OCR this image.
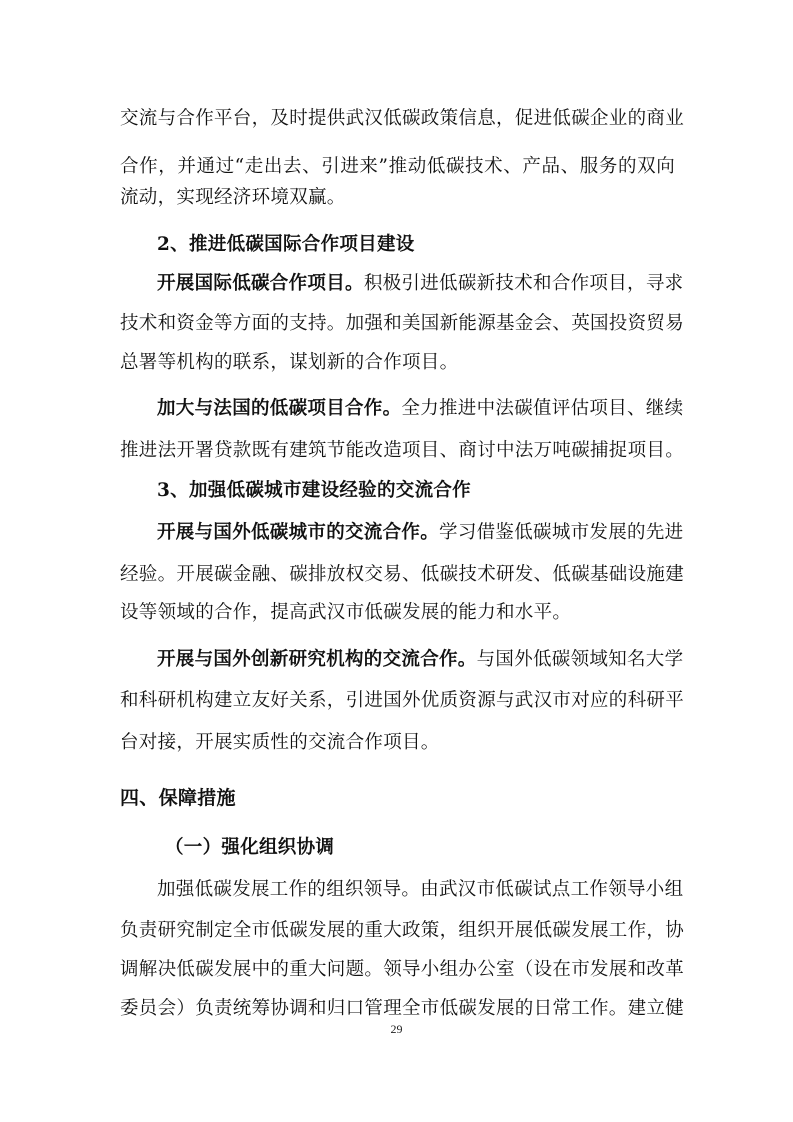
交流与合作平台，及时提供武汉低碳政策信息，促进低碳企业的商业
合作，并通过“走出去、引进来”推动低碳技术、产品、服务的双向
流动，实现经济环境双赢。
2、推进低碳国际合作项目建设
开展国际低碳合作项目。积极引进低碳新技术和合作项目，寻求
技术和资金等方面的支持。加强和美国新能源基金会、英国投资贸易
总署等机构的联系，谋划新的合作项目。
加大与法国的低碳项目合作。全力推进中法碳值评估项目、继续
推进法开署贷款既有建筑节能改造项目、商讨中法万吨碳捕捉项目。
3、加强低碳城市建设经验的交流合作
开展与国外低碳城市的交流合作。学习借鉴低碳城市发展的先进
经验。开展碳金融、碳排放权交易、低碳技术研发、低碳基础设施建
设等领域的合作，提高武汉市低碳发展的能力和水平。
开展与国外创新研究机构的交流合作。与国外低碳领域知名大学
和科研机构建立友好关系，引进国外优质资源与武汉市对应的科研平
台对接，开展实质性的交流合作项目。
四、保障措施
（一）强化组织协调
加强低碳发展工作的组织领导。由武汉市低碳试点工作领导小组
负责研究制定全市低碳发展的重大政策，组织开展低碳发展工作，协
调解决低碳发展中的重大问题。领导小组办公室（设在市发展和改革
委员会）负责统筹协调和归口管理全市低碳发展的日常工作。建立健
29
